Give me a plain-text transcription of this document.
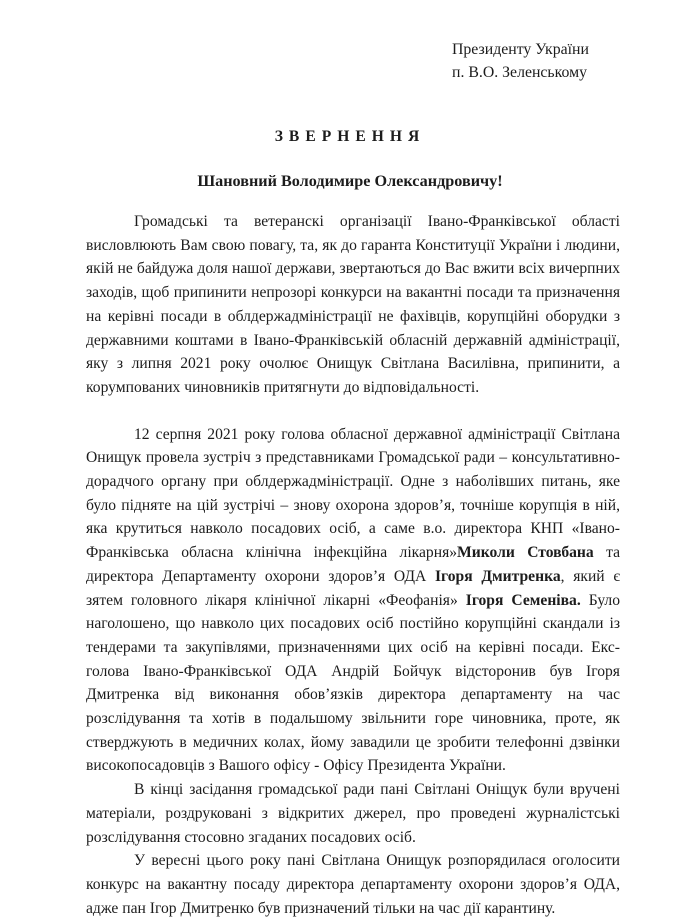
Президенту України
п. В.О. Зеленському
ЗВЕРНЕННЯ
Шановний Володимире Олександровичу!

Громадські та ветеранскі організації Івано-Франківської області висловлюють Вам свою повагу, та, як до гаранта Конституції України і людини, якій не байдужа доля нашої держави, звертаються до Вас вжити всіх вичерпних заходів, щоб припинити непрозорі конкурси на вакантні посади та призначення на керівні посади в облдержадміністрації не фахівців, корупційні оборудки з державними коштами в Івано-Франківській обласній державній адміністрації, яку з липня 2021 року очолює Онищук Світлана Василівна, припинити, а корумпованих чиновників притягнути до відповідальності.

12 серпня 2021 року голова обласної державної адміністрації Світлана Онищук провела зустріч з представниками Громадської ради – консультативно-дорадчого органу при облдержадміністрації. Одне з наболівших питань, яке було підняте на цій зустрічі – знову охорона здоров’я, точніше корупція в ній, яка крутиться навколо посадових осіб, а саме в.о. директора КНП «Івано-Франківська обласна клінічна інфекційна лікарня»Миколи Стовбана та директора Департаменту охорони здоров’я ОДА Ігоря Дмитренка, який є зятем головного лікаря клінічної лікарні «Феофанія» Ігоря Семеніва. Було наголошено, що навколо цих посадових осіб постійно корупційні скандали із тендерами та закупівлями, призначеннями цих осіб на керівні посади. Екс-голова Івано-Франківської ОДА Андрій Бойчук відсторонив був Ігоря Дмитренка від виконання обов’язків директора департаменту на час розслідування та хотів в подальшому звільнити горе чиновника, проте, як стверджують в медичних колах, йому завадили це зробити телефонні дзвінки високопосадовців з Вашого офісу - Офісу Президента України.

В кінці засідання громадської ради пані Світлані Оніщук були вручені матеріали, роздруковані з відкритих джерел, про проведені журналістські розслідування стосовно згаданих посадових осіб.

У вересні цього року пані Світлана Онищук розпорядилася оголосити конкурс на вакантну посаду директора департаменту охорони здоров’я ОДА, адже пан Ігор Дмитренко був призначений тільки на час дії карантину.
